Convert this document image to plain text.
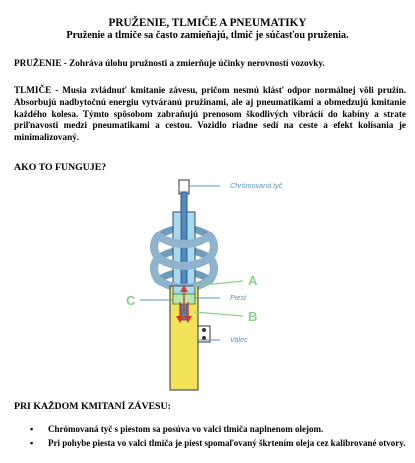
PRUŽENIE, TLMIČE A PNEUMATIKY
Pruženie a tlmiče sa často zamieňajú, tlmič je súčasťou pruženia.
PRUŽENIE - Zohráva úlohu pružnosti a zmierňuje účinky nerovností vozovky.
TLMIČE - Musia zvládnuť kmitanie závesu, pričom nesmú klásť odpor normálnej vôli pružín. Absorbujú nadbytočnú energiu vytváranú pružinami, ale aj pneumatikami a obmedzujú kmitanie každého kolesa. Týmto spôsobom zabraňujú prenosom škodlivých vibrácií do kabíny a strate priľnavosti medzi pneumatikami a cestou. Vozidlo riadne sedí na ceste a efekt kolísania je minimalizovaný.
AKO TO FUNGUJE?
Chrómovaná tyč
Piest
Valec
A
B
C
PRI KAŽDOM KMITANÍ ZÁVESU:
▪ Chrómovaná tyč s piestom sa posúva vo valci tlmiča naplnenom olejom.
▪ Pri pohybe piesta vo valci tlmiča je piest spomaľovaný škrtením oleja cez kalibrované otvory.
